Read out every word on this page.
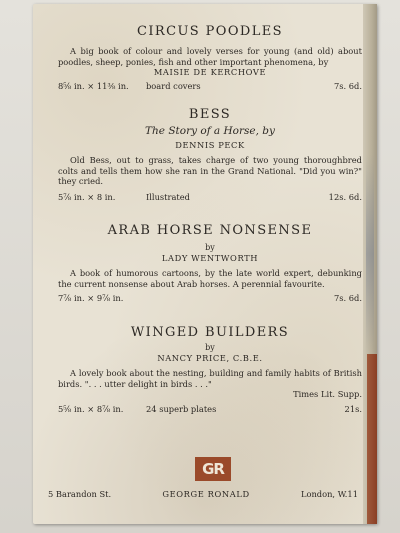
CIRCUS POODLES

A big book of colour and lovely verses for young (and old) about poodles, sheep, ponies, fish and other important phenomena, by

MAISIE DE KERCHOVE

8⅝ in. × 11⅜ in.	board covers	7s. 6d.

BESS

The Story of a Horse, by

DENNIS PECK

Old Bess, out to grass, takes charge of two young thoroughbred colts and tells them how she ran in the Grand National. "Did you win?" they cried.

5⅞ in. × 8 in.	Illustrated	12s. 6d.

ARAB HORSE NONSENSE

by

LADY WENTWORTH

A book of humorous cartoons, by the late world expert, debunking the current nonsense about Arab horses. A perennial favourite.

7⅞ in. × 9⅞ in.	7s. 6d.

WINGED BUILDERS

by

NANCY PRICE, C.B.E.

A lovely book about the nesting, building and family habits of British birds. ". . . utter delight in birds . . ."

Times Lit. Supp.
5⅝ in. × 8⅞ in.	24 superb plates	21s.
GR
5 Barandon St.	GEORGE RONALD	London, W.11
